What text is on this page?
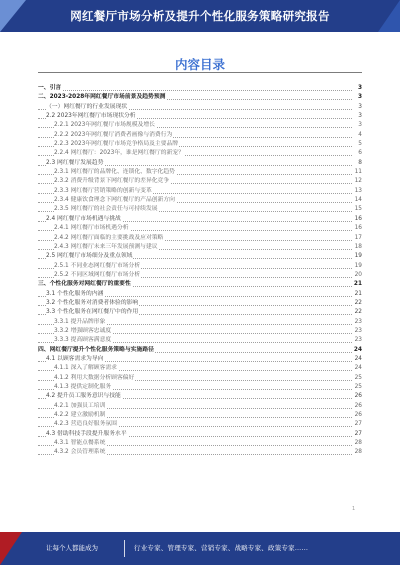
网红餐厅市场分析及提升个性化服务策略研究报告
内容目录
一、引言	3
二、2023-2028年网红餐厅市场前景及趋势预测	3
（一）网红餐厅的行业发展现状	3
2.2 2023年网红餐厅市场现状分析	3
2.2.1 2023年网红餐厅市场规模及增长	3
2.2.2 2023年网红餐厅消费者画像与消费行为	4
2.2.3 2023年网红餐厅市场竞争格局及主要品牌	5
2.2.4 网红餐厅：2023年，谁是网红餐厅的新宠？	6
2.3 网红餐厅发展趋势	8
2.3.1 网红餐厅的品牌化、连锁化、数字化趋势	11
2.3.2 消费升级背景下网红餐厅的差异化竞争	12
2.3.3 网红餐厅营销策略的创新与变革	13
2.3.4 健康饮食理念下网红餐厅的产品创新方向	14
2.3.5 网红餐厅的社会责任与可持续发展	15
2.4 网红餐厅市场机遇与挑战	16
2.4.1 网红餐厅市场机遇分析	16
2.4.2 网红餐厅面临的主要挑战及应对策略	17
2.4.3 网红餐厅未来三年发展预测与建议	18
2.5 网红餐厅市场细分及重点领域	19
2.5.1 不同业态网红餐厅市场分析	19
2.5.2 不同区域网红餐厅市场分析	20
三、个性化服务对网红餐厅的重要性	21
3.1 个性化服务的内涵	21
3.2 个性化服务对消费者体验的影响	22
3.3 个性化服务在网红餐厅中的作用	22
3.3.1 提升品牌形象	23
3.3.2 增强顾客忠诚度	23
3.3.3 提高顾客满意度	23
四、网红餐厅提升个性化服务策略与实施路径	24
4.1 以顾客需求为导向	24
4.1.1 深入了解顾客需求	24
4.1.2 利用大数据分析顾客偏好	25
4.1.3 提供定制化服务	25
4.2 提升员工服务意识与技能	26
4.2.1 加强员工培训	26
4.2.2 建立激励机制	26
4.2.3 营造良好服务氛围	27
4.3 借助科技手段提升服务水平	27
4.3.1 智能点餐系统	28
4.3.2 会员管理系统	28
1
让每个人都能成为	行业专家、管理专家、营销专家、战略专家、政策专家……
